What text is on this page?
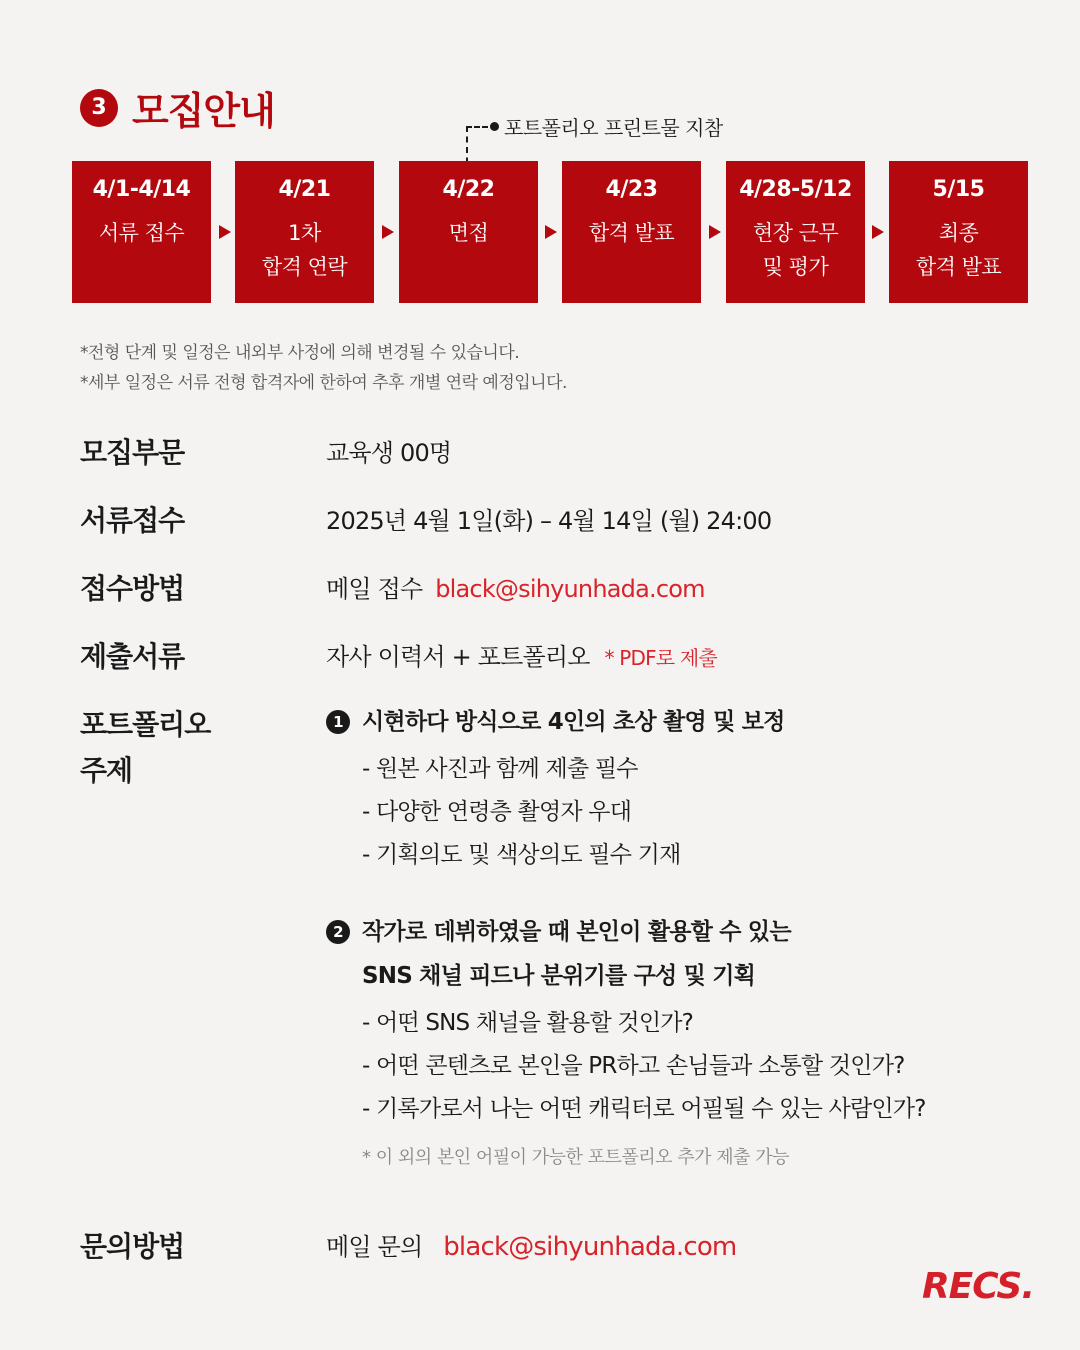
3 모집안내	포트폴리오 프린트물 지참
4/1-4/14
서류 접수
4/21
1차
합격 연락
4/22
면접
4/23
합격 발표
4/28-5/12
현장 근무
및 평가
5/15
최종
합격 발표
*전형 단계 및 일정은 내외부 사정에 의해 변경될 수 있습니다.
*세부 일정은 서류 전형 합격자에 한하여 추후 개별 연락 예정입니다.
모집부문	교육생 00명
서류접수	2025년 4월 1일(화) – 4월 14일 (월) 24:00
접수방법	메일 접수 black@sihyunhada.com
제출서류	자사 이력서 + 포트폴리오 * PDF로 제출
포트폴리오
주제
1 시현하다 방식으로 4인의 초상 촬영 및 보정
- 원본 사진과 함께 제출 필수
- 다양한 연령층 촬영자 우대
- 기획의도 및 색상의도 필수 기재
2 작가로 데뷔하였을 때 본인이 활용할 수 있는
SNS 채널 피드나 분위기를 구성 및 기획
- 어떤 SNS 채널을 활용할 것인가?
- 어떤 콘텐츠로 본인을 PR하고 손님들과 소통할 것인가?
- 기록가로서 나는 어떤 캐릭터로 어필될 수 있는 사람인가?
* 이 외의 본인 어필이 가능한 포트폴리오 추가 제출 가능
문의방법	메일 문의 black@sihyunhada.com
RECS.
